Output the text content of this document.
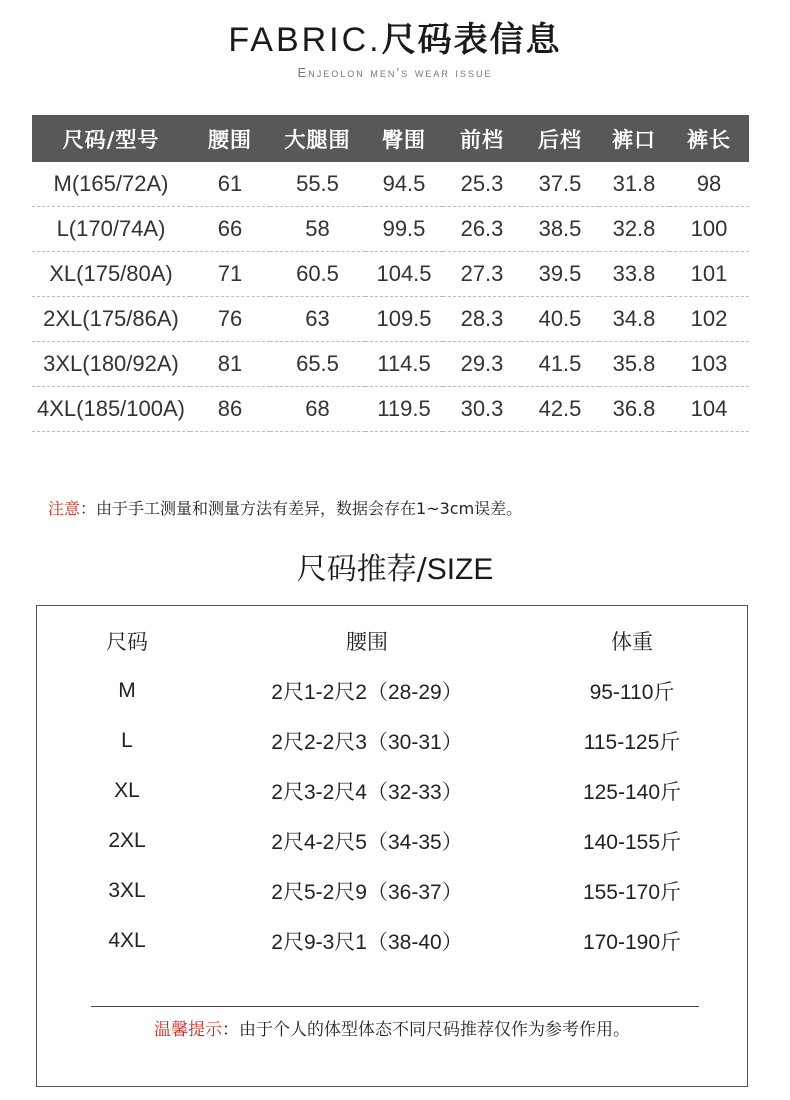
FABRIC.尺码表信息
Enjeolon men’s wear issue
尺码/型号	腰围	大腿围	臀围	前档	后档	裤口	裤长
M(165/72A)	61	55.5	94.5	25.3	37.5	31.8	98
L(170/74A)	66	58	99.5	26.3	38.5	32.8	100
XL(175/80A)	71	60.5	104.5	27.3	39.5	33.8	101
2XL(175/86A)	76	63	109.5	28.3	40.5	34.8	102
3XL(180/92A)	81	65.5	114.5	29.3	41.5	35.8	103
4XL(185/100A)	86	68	119.5	30.3	42.5	36.8	104
注意：由于手工测量和测量方法有差异，数据会存在1~3cm误差。
尺码推荐/SIZE
尺码	腰围	体重
M	2尺1-2尺2（28-29）	95-110斤
L	2尺2-2尺3（30-31）	115-125斤
XL	2尺3-2尺4（32-33）	125-140斤
2XL	2尺4-2尺5（34-35）	140-155斤
3XL	2尺5-2尺9（36-37）	155-170斤
4XL	2尺9-3尺1（38-40）	170-190斤
温馨提示：由于个人的体型体态不同尺码推荐仅作为参考作用。
